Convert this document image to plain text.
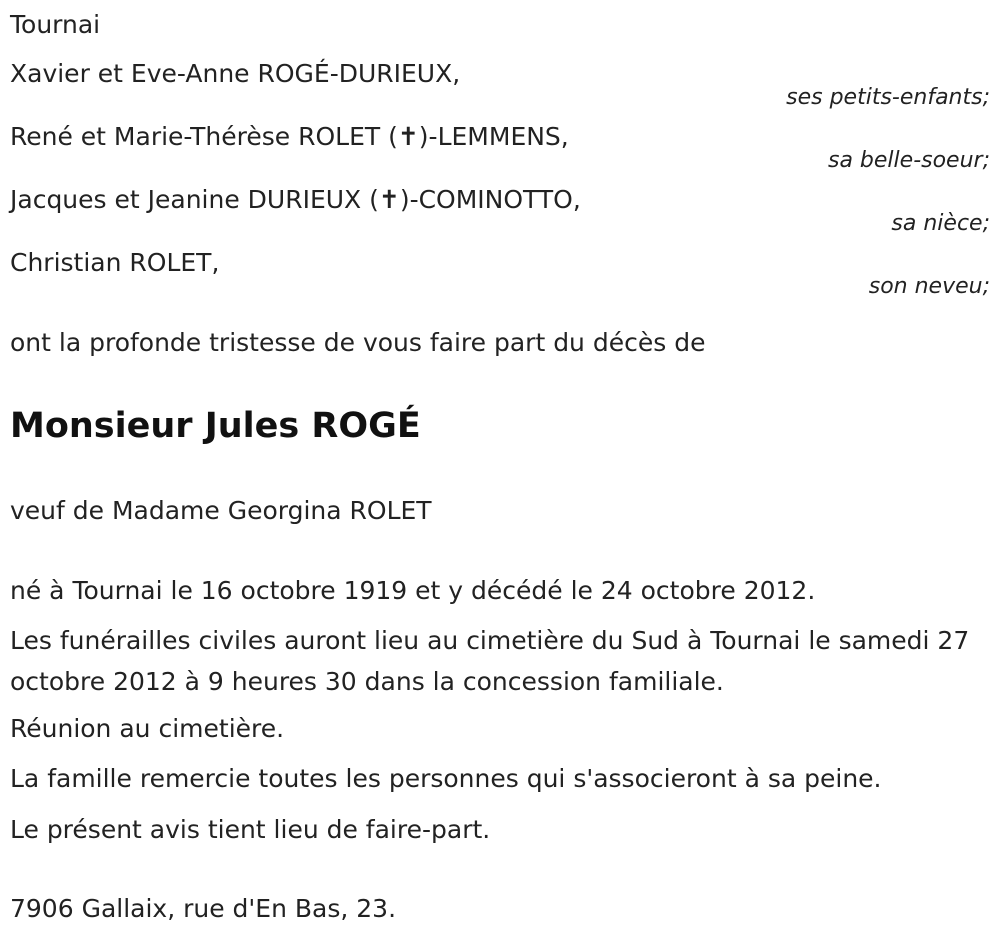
Tournai
Xavier et Eve-Anne ROGÉ-DURIEUX,
ses petits-enfants;
René et Marie-Thérèse ROLET (✝)-LEMMENS,
sa belle-soeur;
Jacques et Jeanine DURIEUX (✝)-COMINOTTO,
sa nièce;
Christian ROLET,
son neveu;
ont la profonde tristesse de vous faire part du décès de
Monsieur Jules ROGÉ
veuf de Madame Georgina ROLET
né à Tournai le 16 octobre 1919 et y décédé le 24 octobre 2012.
Les funérailles civiles auront lieu au cimetière du Sud à Tournai le samedi 27 octobre 2012 à 9 heures 30 dans la concession familiale.
Réunion au cimetière.
La famille remercie toutes les personnes qui s'associeront à sa peine.
Le présent avis tient lieu de faire-part.
7906 Gallaix, rue d'En Bas, 23.
